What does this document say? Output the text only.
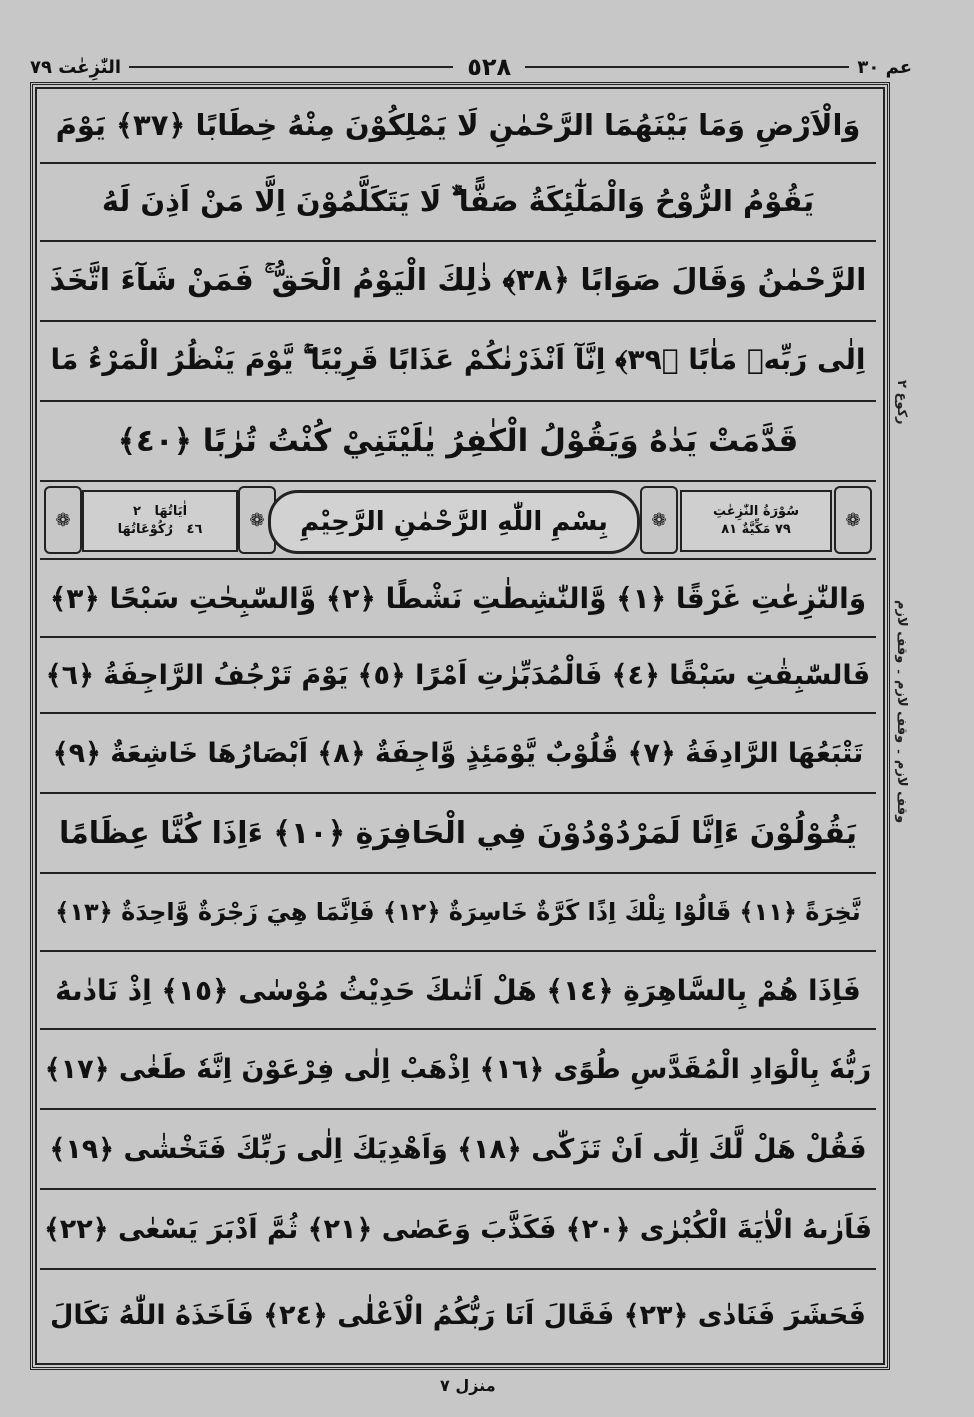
النّٰزِعٰت ٧٩	٥٢٨	عم ٣٠
وَالْاَرْضِ وَمَا بَيْنَهُمَا الرَّحْمٰنِ لَا يَمْلِكُوْنَ مِنْهُ خِطَابًا ﴿٣٧﴾ يَوْمَ
يَقُوْمُ الرُّوْحُ وَالْمَلٰٓئِكَةُ صَفًّا ۙۗ لَا يَتَكَلَّمُوْنَ اِلَّا مَنْ اَذِنَ لَهُ
الرَّحْمٰنُ وَقَالَ صَوَابًا ﴿٣٨﴾ ذٰلِكَ الْيَوْمُ الْحَقُّ ۚ فَمَنْ شَآءَ اتَّخَذَ
اِلٰى رَبِّهٖ مَاٰبًا ﴿٣٩﴾ اِنَّآ اَنْذَرْنٰكُمْ عَذَابًا قَرِيْبًا ۖۚ يَّوْمَ يَنْظُرُ الْمَرْءُ مَا
قَدَّمَتْ يَدٰهُ وَيَقُوْلُ الْكٰفِرُ يٰلَيْتَنِيْ كُنْتُ تُرٰبًا ﴿٤٠﴾
❁	اٰيَاتُهَا   ٢
٤٦   رُكُوْعَاتُهَا	❁	بِسْمِ اللّٰهِ الرَّحْمٰنِ الرَّحِيْمِ	❁	سُوْرَةُ النّٰزِعٰتِ
٧٩ مَكِّيَّةٌ ٨١	❁
وَالنّٰزِعٰتِ غَرْقًا ﴿١﴾ وَّالنّٰشِطٰتِ نَشْطًا ﴿٢﴾ وَّالسّٰبِحٰتِ سَبْحًا ﴿٣﴾
فَالسّٰبِقٰتِ سَبْقًا ﴿٤﴾ فَالْمُدَبِّرٰتِ اَمْرًا ﴿٥﴾ يَوْمَ تَرْجُفُ الرَّاجِفَةُ ﴿٦﴾
تَتْبَعُهَا الرَّادِفَةُ ﴿٧﴾ قُلُوْبٌ يَّوْمَئِذٍ وَّاجِفَةٌ ﴿٨﴾ اَبْصَارُهَا خَاشِعَةٌ ﴿٩﴾
يَقُوْلُوْنَ ءَاِنَّا لَمَرْدُوْدُوْنَ فِي الْحَافِرَةِ ﴿١٠﴾ ءَاِذَا كُنَّا عِظَامًا
نَّخِرَةً ﴿١١﴾ قَالُوْا تِلْكَ اِذًا كَرَّةٌ خَاسِرَةٌ ﴿١٢﴾ فَاِنَّمَا هِيَ زَجْرَةٌ وَّاحِدَةٌ ﴿١٣﴾
فَاِذَا هُمْ بِالسَّاهِرَةِ ﴿١٤﴾ هَلْ اَتٰىكَ حَدِيْثُ مُوْسٰى ﴿١٥﴾ اِذْ نَادٰىهُ
رَبُّهٗ بِالْوَادِ الْمُقَدَّسِ طُوًى ﴿١٦﴾ اِذْهَبْ اِلٰى فِرْعَوْنَ اِنَّهٗ طَغٰى ﴿١٧﴾
فَقُلْ هَلْ لَّكَ اِلٰٓى اَنْ تَزَكّٰى ﴿١٨﴾ وَاَهْدِيَكَ اِلٰى رَبِّكَ فَتَخْشٰى ﴿١٩﴾
فَاَرٰىهُ الْاٰيَةَ الْكُبْرٰى ﴿٢٠﴾ فَكَذَّبَ وَعَصٰى ﴿٢١﴾ ثُمَّ اَدْبَرَ يَسْعٰى ﴿٢٢﴾
فَحَشَرَ فَنَادٰى ﴿٢٣﴾ فَقَالَ اَنَا رَبُّكُمُ الْاَعْلٰى ﴿٢٤﴾ فَاَخَذَهُ اللّٰهُ نَكَالَ
ركوع ٢
وقف لازم ۔ وقف لازم ۔ وقف لازم
منزل ٧
